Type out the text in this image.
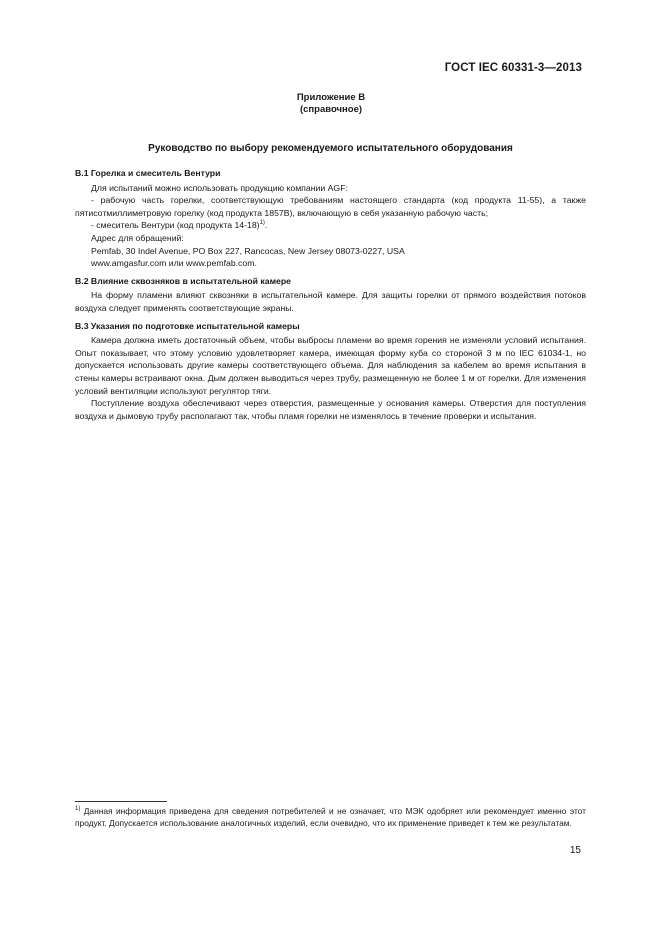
ГОСТ IEC 60331-3—2013
Приложение В
(справочное)
Руководство по выбору рекомендуемого испытательного оборудования

В.1 Горелка и смеситель Вентури

Для испытаний можно использовать продукцию компании AGF:

- рабочую часть горелки, соответствующую требованиям настоящего стандарта (код продукта 11-55), а также пятисотмиллиметровую горелку (код продукта 1857В), включающую в себя указанную рабочую часть;

- смеситель Вентури (код продукта 14-18)$^{1)}$.

Адрес для обращений:

Pemfab, 30 Indel Avenue, PO Box 227, Rancocas, New Jersey 08073-0227, USA

www.amgasfur.com или www.pemfab.com.

В.2 Влияние сквозняков в испытательной камере

На форму пламени влияют сквозняки в испытательной камере. Для защиты горелки от прямого воздействия потоков воздуха следует применять соответствующие экраны.

В.3 Указания по подготовке испытательной камеры

Камера должна иметь достаточный объем, чтобы выбросы пламени во время горения не изменяли условий испытания. Опыт показывает, что этому условию удовлетворяет камера, имеющая форму куба со стороной 3 м по IEC 61034-1, но допускается использовать другие камеры соответствующего объема. Для наблюдения за кабелем во время испытания в стены камеры встраивают окна. Дым должен выводиться через трубу, размещенную не более 1 м от горелки. Для изменения условий вентиляции используют регулятор тяги.

Поступление воздуха обеспечивают через отверстия, размещенные у основания камеры. Отверстия для поступления воздуха и дымовую трубу располагают так, чтобы пламя горелки не изменялось в течение проверки и испытания.

$^{1)}$ Данная информация приведена для сведения потребителей и не означает, что МЭК одобряет или рекомендует именно этот продукт. Допускается использование аналогичных изделий, если очевидно, что их применение приведет к тем же результатам.
15
